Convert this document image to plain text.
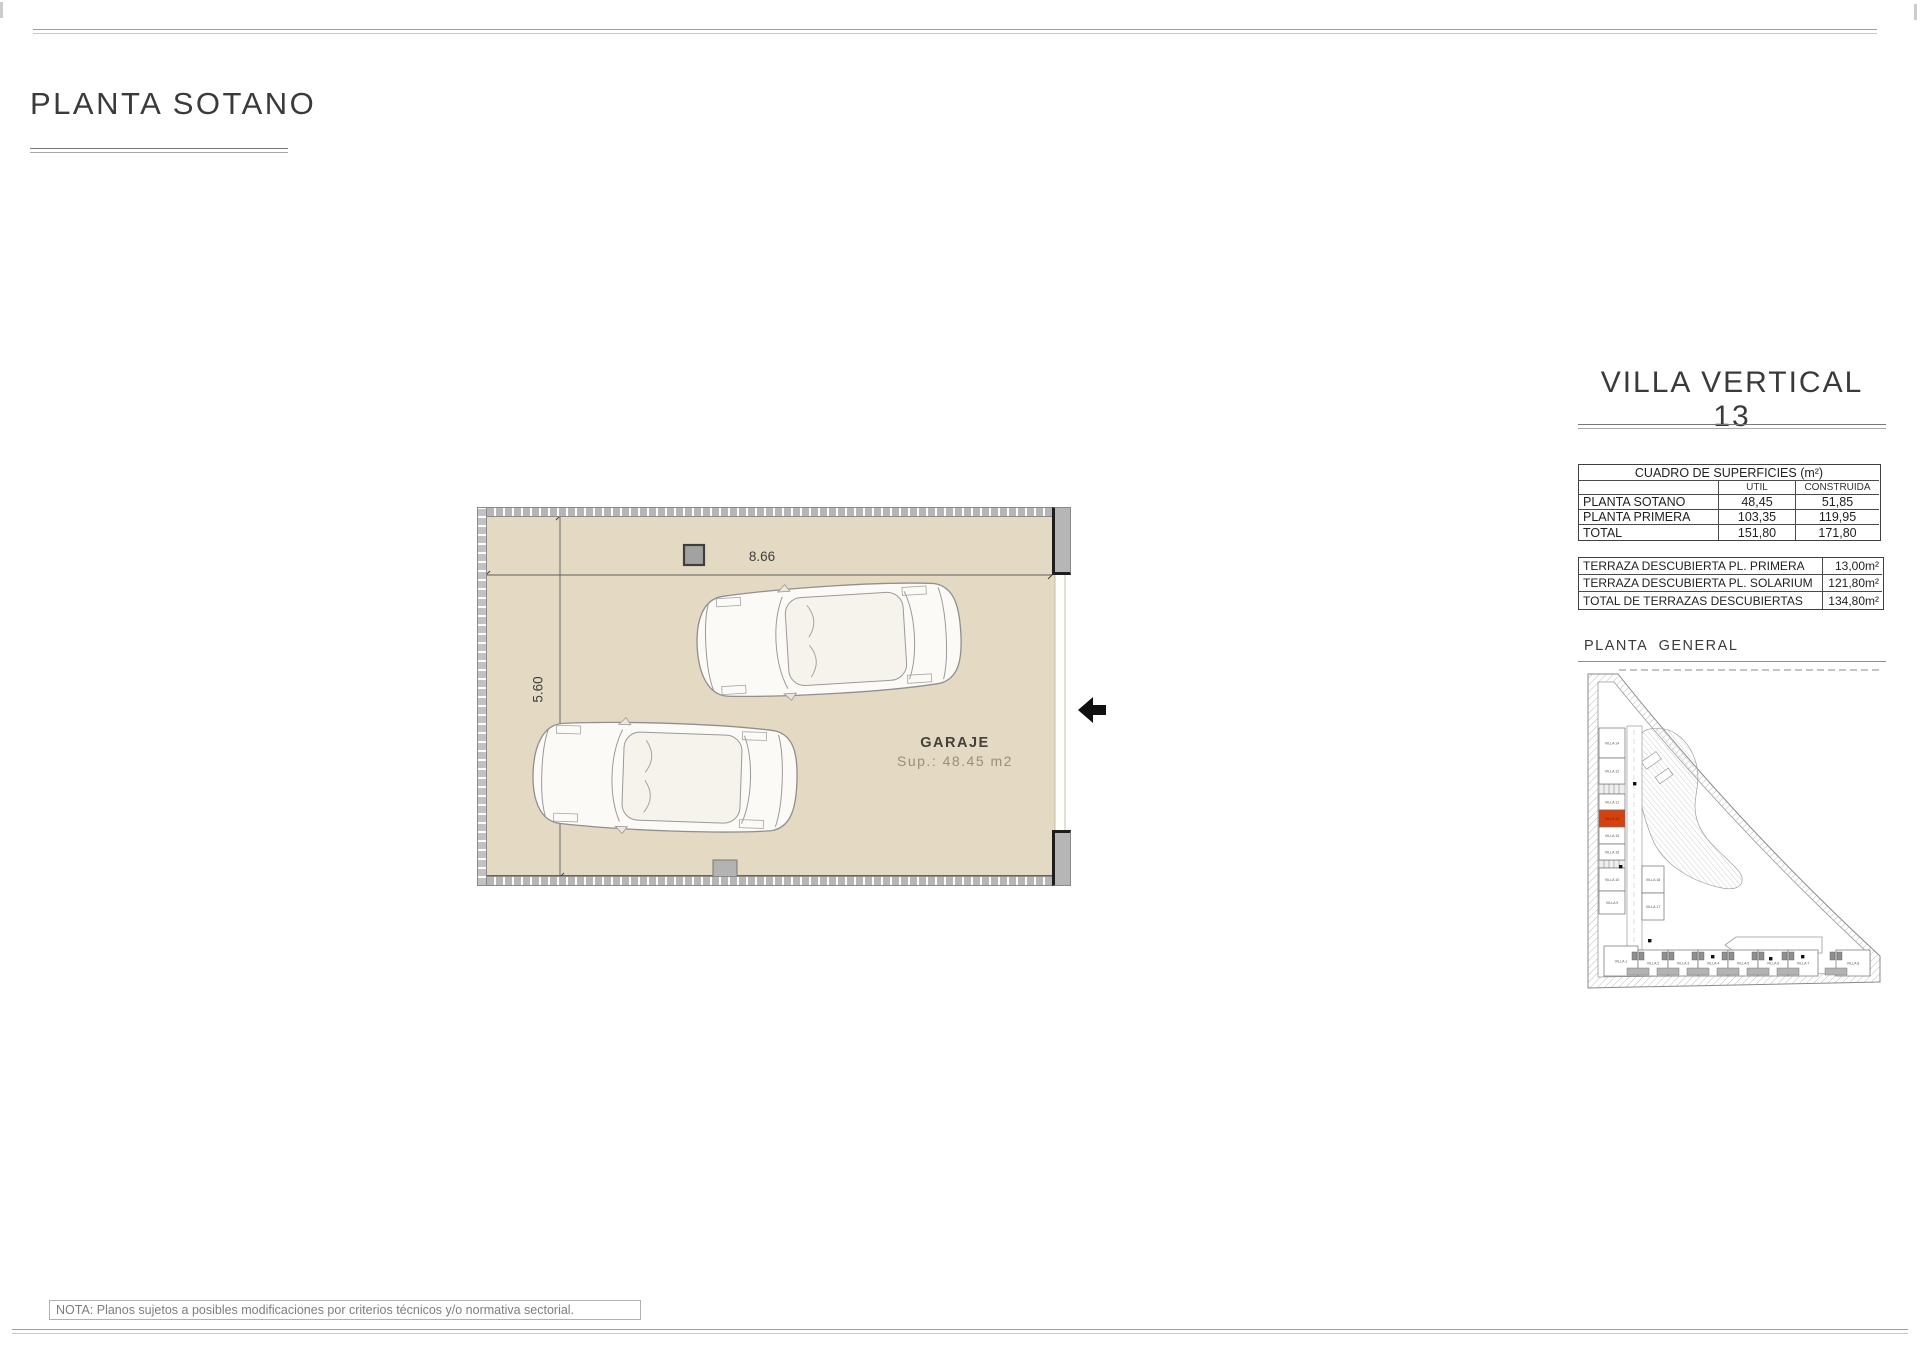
PLANTA SOTANO
8.66
5.60
GARAJE
Sup.: 48.45 m2
VILLA VERTICAL 13
CUADRO DE SUPERFICIES (m²)
UTIL	CONSTRUIDA
PLANTA SOTANO	48,45	51,85
PLANTA PRIMERA	103,35	119,95
TOTAL	151,80	171,80
TERRAZA DESCUBIERTA PL. PRIMERA	13,00m²
TERRAZA DESCUBIERTA PL. SOLARIUM	121,80m²
TOTAL DE TERRAZAS DESCUBIERTAS	134,80m²
PLANTA  GENERAL
VILLA 14
VILLA 12
VILLA 11
VILLA 13
VILLA 15
VILLA 16
VILLA 10
VILLA 9
VILLA 18
VILLA 17
VILLA 1	VILLA 2	VILLA 3	VILLA 4	VILLA 5	VILLA 6	VILLA 7	VILLA 8
NOTA: Planos sujetos a posibles modificaciones por criterios técnicos y/o normativa sectorial.
